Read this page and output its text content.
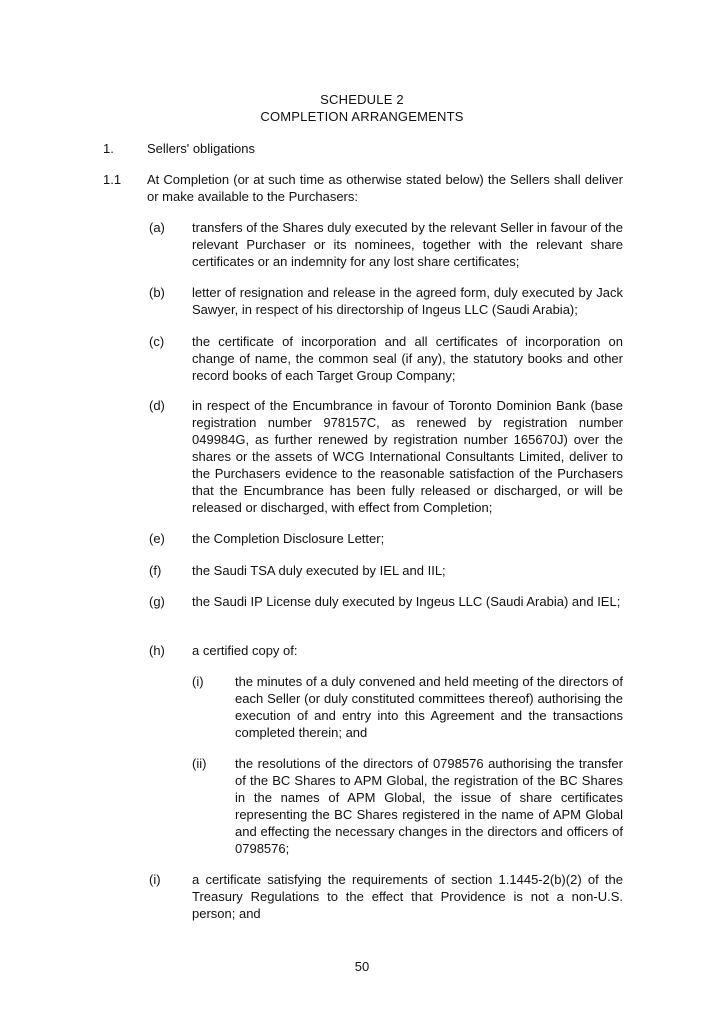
SCHEDULE 2
COMPLETION ARRANGEMENTS
1.	Sellers' obligations
1.1 At Completion (or at such time as otherwise stated below) the Sellers shall deliver or make available to the Purchasers:
(a) transfers of the Shares duly executed by the relevant Seller in favour of the relevant Purchaser or its nominees, together with the relevant share certificates or an indemnity for any lost share certificates;
(b) letter of resignation and release in the agreed form, duly executed by Jack Sawyer, in respect of his directorship of Ingeus LLC (Saudi Arabia);
(c) the certificate of incorporation and all certificates of incorporation on change of name, the common seal (if any), the statutory books and other record books of each Target Group Company;
(d) in respect of the Encumbrance in favour of Toronto Dominion Bank (base registration number 978157C, as renewed by registration number 049984G, as further renewed by registration number 165670J) over the shares or the assets of WCG International Consultants Limited, deliver to the Purchasers evidence to the reasonable satisfaction of the Purchasers that the Encumbrance has been fully released or discharged, or will be released or discharged, with effect from Completion;
(e) the Completion Disclosure Letter;
(f) the Saudi TSA duly executed by IEL and IIL;
(g) the Saudi IP License duly executed by Ingeus LLC (Saudi Arabia) and IEL;
(h) a certified copy of:
(i) the minutes of a duly convened and held meeting of the directors of each Seller (or duly constituted committees thereof) authorising the execution of and entry into this Agreement and the transactions completed therein; and
(ii) the resolutions of the directors of 0798576 authorising the transfer of the BC Shares to APM Global, the registration of the BC Shares in the names of APM Global, the issue of share certificates representing the BC Shares registered in the name of APM Global and effecting the necessary changes in the directors and officers of 0798576;
(i) a certificate satisfying the requirements of section 1.1445-2(b)(2) of the Treasury Regulations to the effect that Providence is not a non-U.S. person; and
50
